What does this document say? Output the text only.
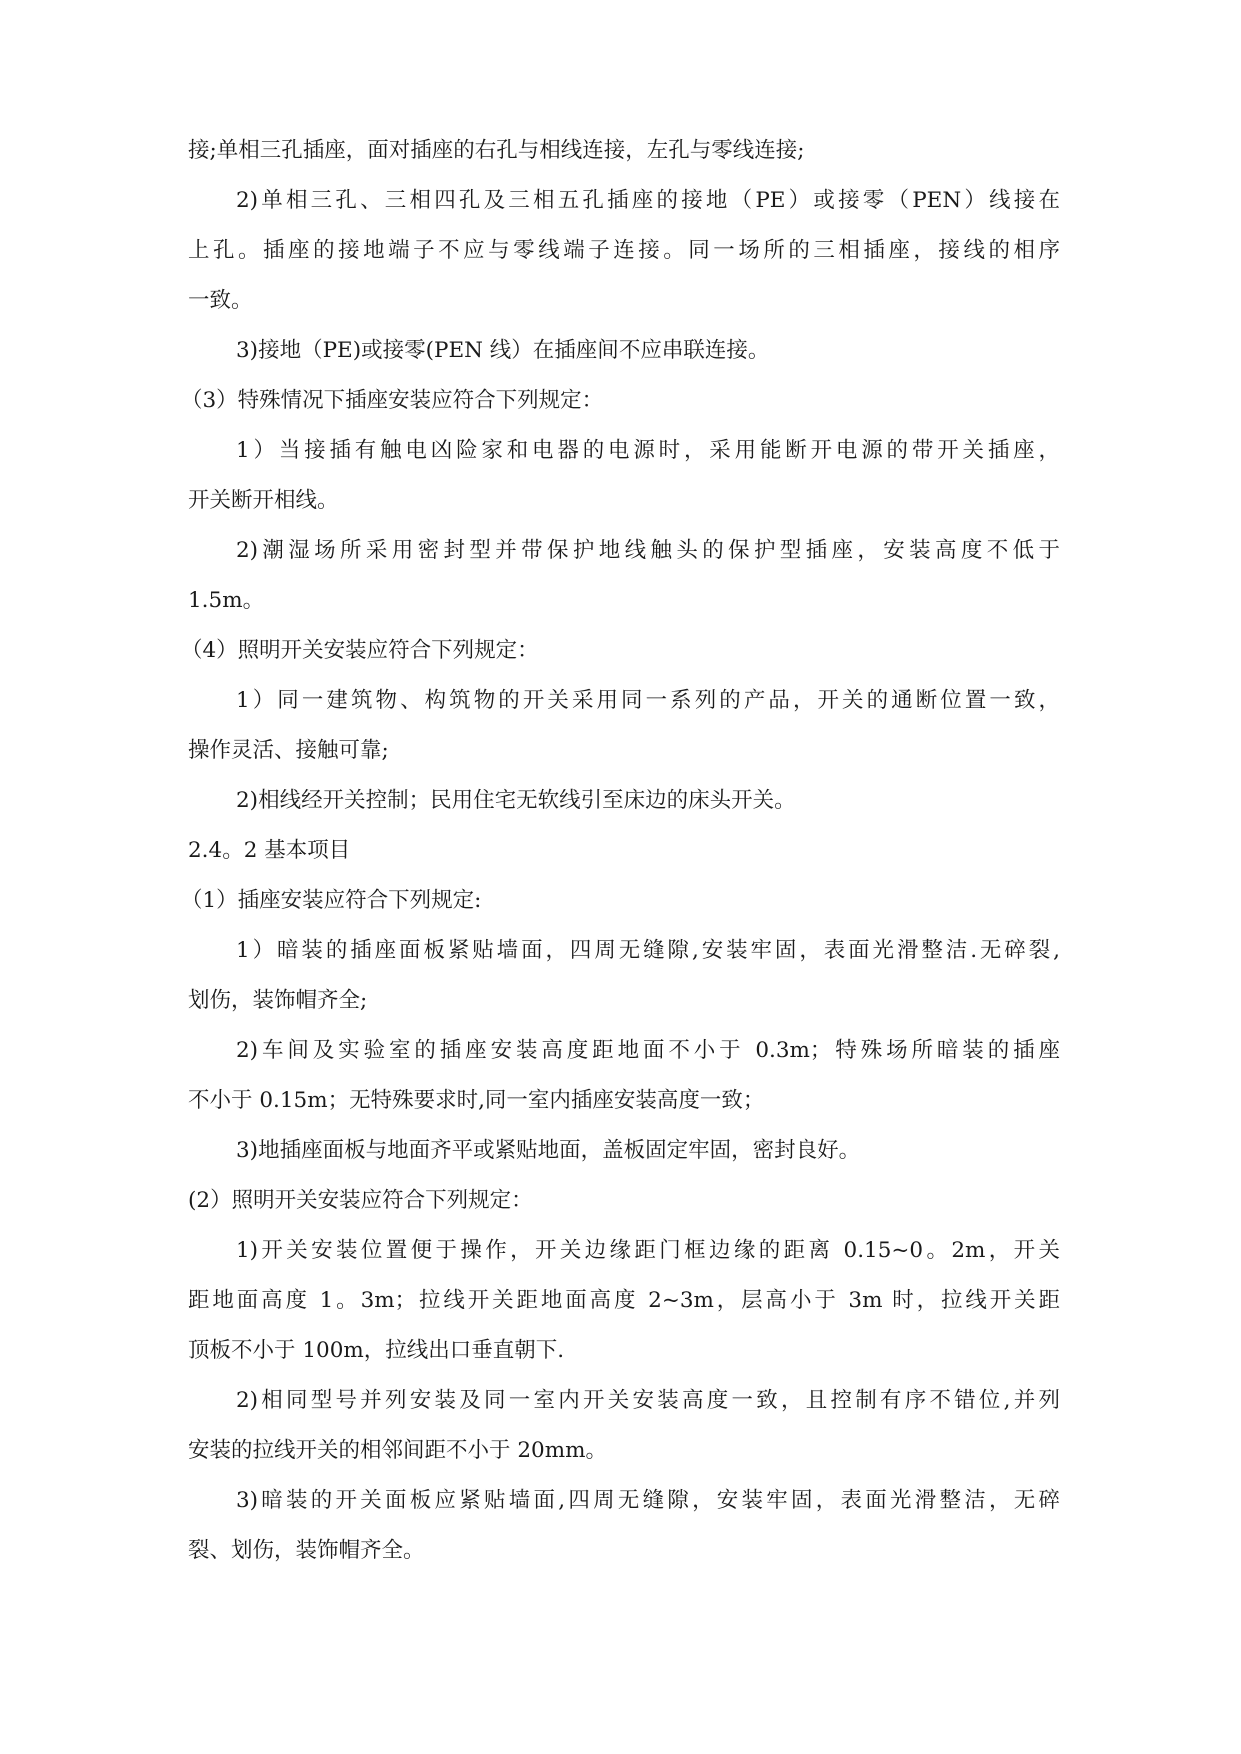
接;单相三孔插座，面对插座的右孔与相线连接，左孔与零线连接;
2)单相三孔、三相四孔及三相五孔插座的接地（PE）或接零（PEN）线接在
上孔。插座的接地端子不应与零线端子连接。同一场所的三相插座，接线的相序
一致。
3)接地（PE)或接零(PEN 线）在插座间不应串联连接。
（3）特殊情况下插座安装应符合下列规定：
1）当接插有触电凶险家和电器的电源时，采用能断开电源的带开关插座，
开关断开相线。
2)潮湿场所采用密封型并带保护地线触头的保护型插座，安装高度不低于
1.5m。
（4）照明开关安装应符合下列规定：
1）同一建筑物、构筑物的开关采用同一系列的产品，开关的通断位置一致，
操作灵活、接触可靠;
2)相线经开关控制；民用住宅无软线引至床边的床头开关。
2.4。2 基本项目
（1）插座安装应符合下列规定:
1）暗装的插座面板紧贴墙面，四周无缝隙,安装牢固，表面光滑整洁.无碎裂,
划伤，装饰帽齐全;
2)车间及实验室的插座安装高度距地面不小于 0.3m；特殊场所暗装的插座
不小于 0.15m；无特殊要求时,同一室内插座安装高度一致；
3)地插座面板与地面齐平或紧贴地面，盖板固定牢固，密封良好。
(2）照明开关安装应符合下列规定：
1)开关安装位置便于操作，开关边缘距门框边缘的距离 0.15~0。2m，开关
距地面高度 1。3m；拉线开关距地面高度 2~3m，层高小于 3m 时，拉线开关距
顶板不小于 100m，拉线出口垂直朝下.
2)相同型号并列安装及同一室内开关安装高度一致，且控制有序不错位,并列
安装的拉线开关的相邻间距不小于 20mm。
3)暗装的开关面板应紧贴墙面,四周无缝隙，安装牢固，表面光滑整洁，无碎
裂、划伤，装饰帽齐全。
